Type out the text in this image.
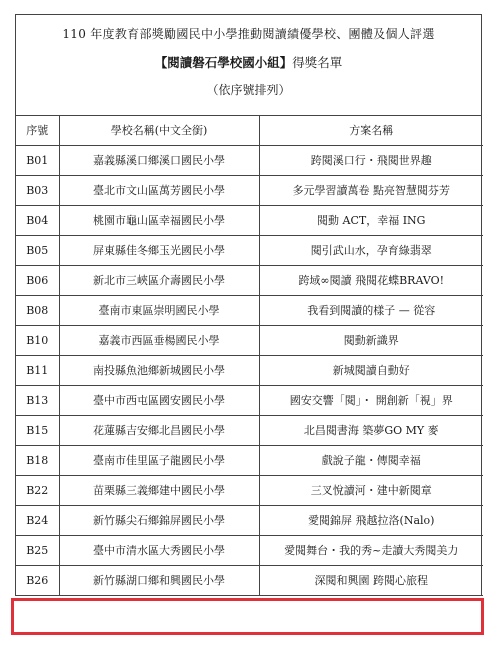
110 年度教育部獎勵國民中小學推動閱讀績優學校、團體及個人評選
【閱讀磐石學校國小組】得獎名單
（依序號排列）
序號	學校名稱(中文全銜)	方案名稱
B01	嘉義縣溪口鄉溪口國民小學	跨閱溪口行・飛閱世界趣
B03	臺北市文山區萬芳國民小學	多元學習讀萬卷 點亮智慧閱芬芳
B04	桃園市龜山區幸福國民小學	閱動 ACT，幸福 ING
B05	屏東縣佳冬鄉玉光國民小學	閱引武山水，孕育綠翡翠
B06	新北市三峽區介壽國民小學	跨域∞閱讀 飛閱花蝶BRAVO!
B08	臺南市東區崇明國民小學	我看到閱讀的樣子 — 從容
B10	嘉義市西區垂楊國民小學	閱動新識界
B11	南投縣魚池鄉新城國民小學	新城閱讀自動好
B13	臺中市西屯區國安國民小學	國安交響「閱」・ 開創新「視」界
B15	花蓮縣吉安鄉北昌國民小學	北昌閱書海 築夢GO MY 麥
B18	臺南市佳里區子龍國民小學	戲說子龍・傳閱幸福
B22	苗栗縣三義鄉建中國民小學	三叉悅讀河・建中新閱章
B24	新竹縣尖石鄉錦屏國民小學	愛閱錦屏 飛越拉洛(Nalo)
B25	臺中市清水區大秀國民小學	愛閱舞台・我的秀~走讀大秀閱美力
B26	新竹縣湖口鄉和興國民小學	深閱和興園 跨閱心旅程
